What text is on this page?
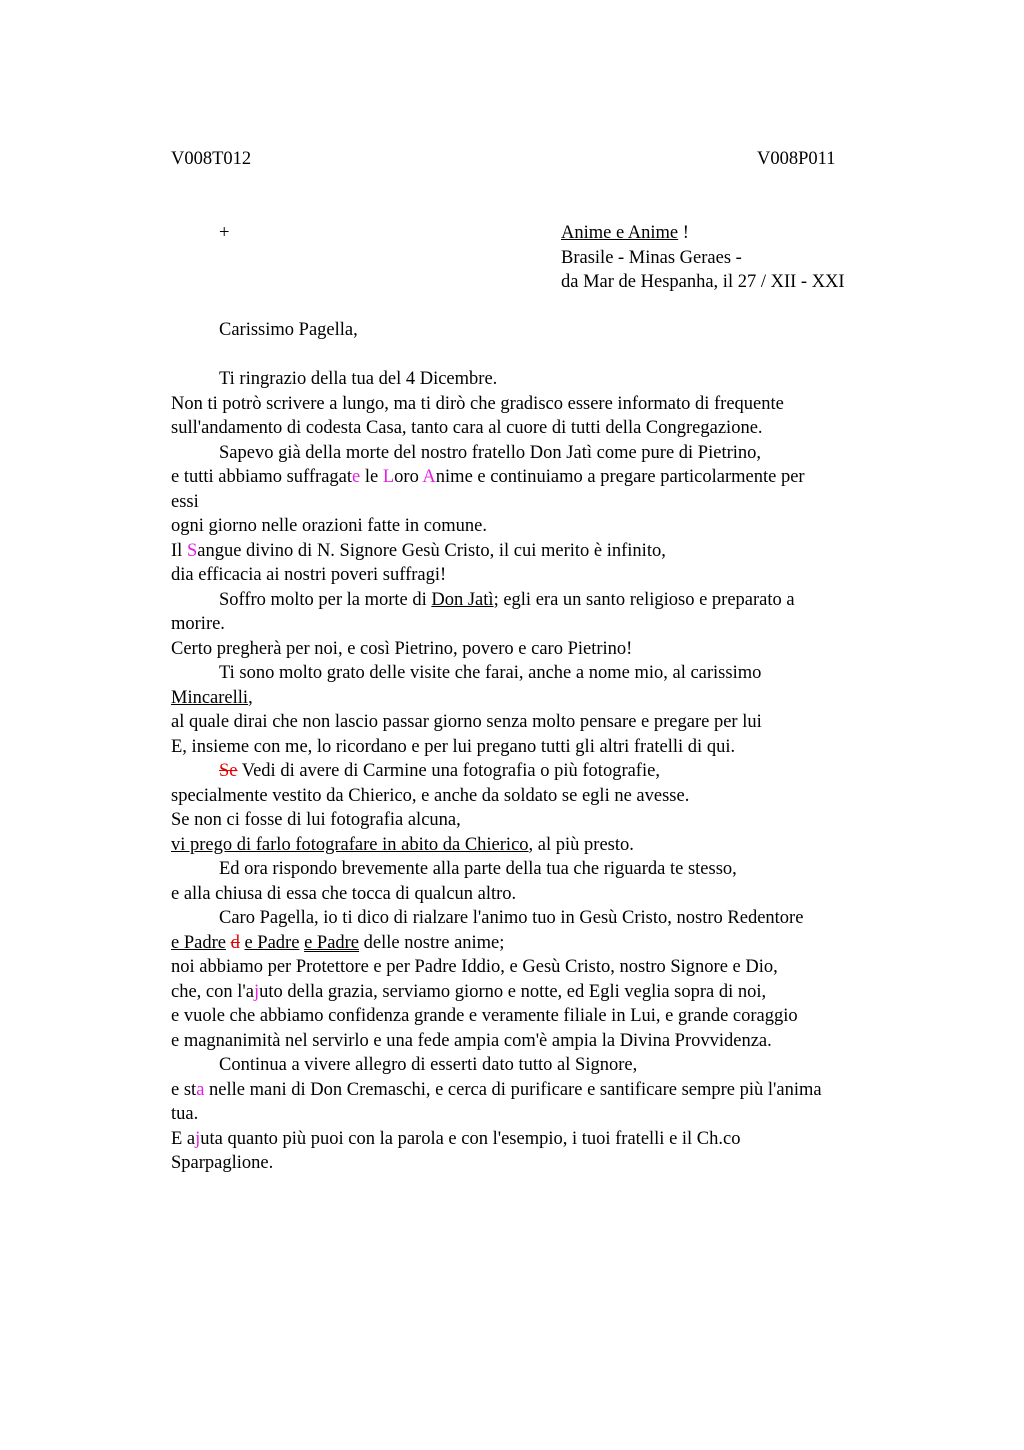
V008T012	V008P011
+	Anime e Anime !
Brasile - Minas Geraes -
da Mar de Hespanha, il 27 / XII - XXI
Carissimo Pagella,
Ti ringrazio della tua del 4 Dicembre.
Non ti potrò scrivere a lungo, ma ti dirò che gradisco essere informato di frequente
sull'andamento di codesta Casa, tanto cara al cuore di tutti della Congregazione.
Sapevo già della morte del nostro fratello Don Jatì come pure di Pietrino,
e tutti abbiamo suffragate le Loro Anime e continuiamo a pregare particolarmente per
essi
ogni giorno nelle orazioni fatte in comune.
Il Sangue divino di N. Signore Gesù Cristo, il cui merito è infinito,
dia efficacia ai nostri poveri suffragi!
Soffro molto per la morte di Don Jatì; egli era un santo religioso e preparato a
morire.
Certo pregherà per noi, e così Pietrino, povero e caro Pietrino!
Ti sono molto grato delle visite che farai, anche a nome mio, al carissimo
Mincarelli,
al quale dirai che non lascio passar giorno senza molto pensare e pregare per lui
E, insieme con me, lo ricordano e per lui pregano tutti gli altri fratelli di qui.
Se Vedi di avere di Carmine una fotografia o più fotografie,
specialmente vestito da Chierico, e anche da soldato se egli ne avesse.
Se non ci fosse di lui fotografia alcuna,
vi prego di farlo fotografare in abito da Chierico, al più presto.
Ed ora rispondo brevemente alla parte della tua che riguarda te stesso,
e alla chiusa di essa che tocca di qualcun altro.
Caro Pagella, io ti dico di rialzare l'animo tuo in Gesù Cristo, nostro Redentore
e Padre d e Padre e Padre delle nostre anime;
noi abbiamo per Protettore e per Padre Iddio, e Gesù Cristo, nostro Signore e Dio,
che, con l'ajuto della grazia, serviamo giorno e notte, ed Egli veglia sopra di noi,
e vuole che abbiamo confidenza grande e veramente filiale in Lui, e grande coraggio
e magnanimità nel servirlo e una fede ampia com'è ampia la Divina Provvidenza.
Continua a vivere allegro di esserti dato tutto al Signore,
e sta nelle mani di Don Cremaschi, e cerca di purificare e santificare sempre più l'anima
tua.
E ajuta quanto più puoi con la parola e con l'esempio, i tuoi fratelli e il Ch.co
Sparpaglione.
